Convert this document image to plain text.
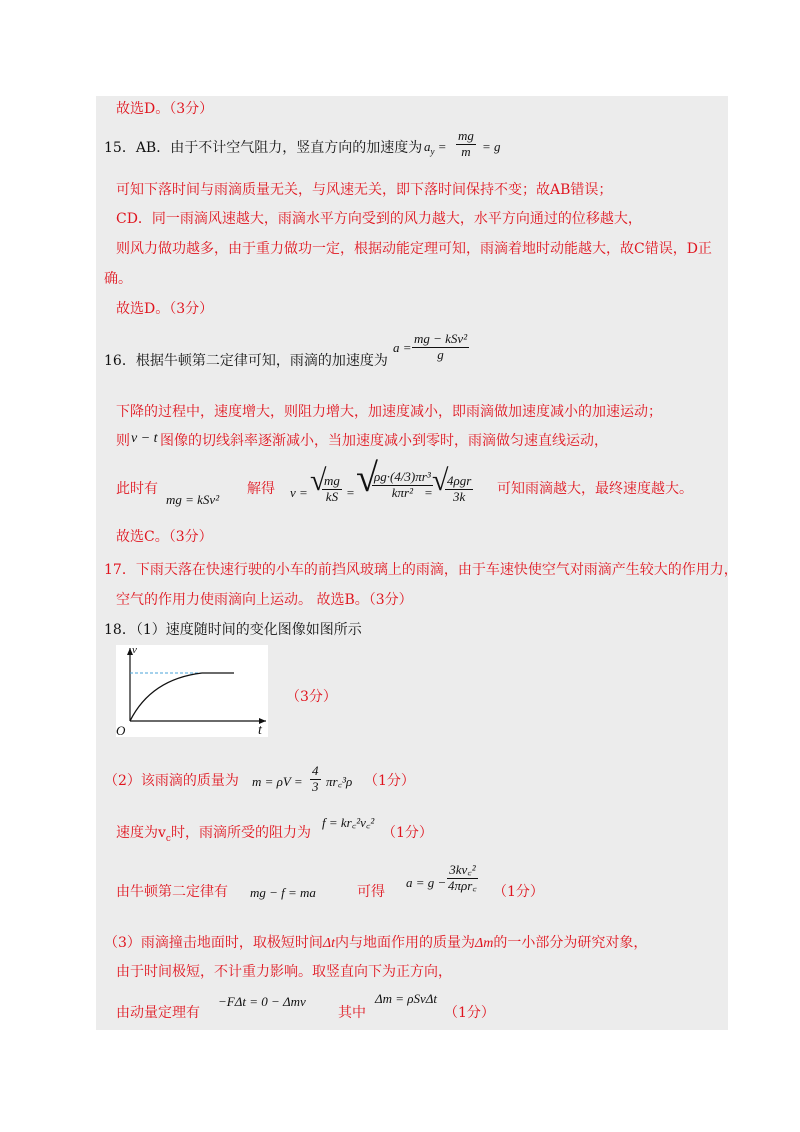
故选D。（3分）
15．AB．由于不计空气阻力，竖直方向的加速度为 $a_y = \frac{mg}{m} = g$
可知下落时间与雨滴质量无关，与风速无关，即下落时间保持不变；故AB错误；
CD．同一雨滴风速越大，雨滴水平方向受到的风力越大，水平方向通过的位移越大，
则风力做功越多，由于重力做功一定，根据动能定理可知，雨滴着地时动能越大，故C错误，D正
确。
故选D。（3分）
16．根据牛顿第二定律可知，雨滴的加速度为
a =
mg − kSv²
g
下降的过程中，速度增大，则阻力增大，加速度减小，即雨滴做加速度减小的加速运动；
则 v − t 图像的切线斜率逐渐减小，当加速度减小到零时，雨滴做匀速直线运动，
此时有
mg = kSv²
解得 v = √
$\frac{mg}{kS}$ = √
ρg·(4/3)πr³
kπr² = √
4ρgr
3k 可知雨滴越大，最终速度越大。
故选C。（3分）
17．下雨天落在快速行驶的小车的前挡风玻璃上的雨滴，由于车速快使空气对雨滴产生较大的作用力，
空气的作用力使雨滴向上运动。 故选B。（3分）
18．（1）速度随时间的变化图像如图所示
v
O	t
（3分）
（2）该雨滴的质量为 $m = \rho V = \frac{4}{3}$ πr꜀³ρ （1分）
速度为$v_c$时，雨滴所受的阻力为
f = kr꜀²v꜀²
（1分）
由牛顿第二定律有 mg − f = ma	可得
a = g −
3kv꜀²
4πρr꜀ （1分）
（3）雨滴撞击地面时，取极短时间Δt内与地面作用的质量为Δm的一小部分为研究对象，
由于时间极短，不计重力影响。取竖直向下为正方向，
由动量定理有
−FΔt = 0 − Δmv
其中
Δm = ρSvΔt
（1分）
